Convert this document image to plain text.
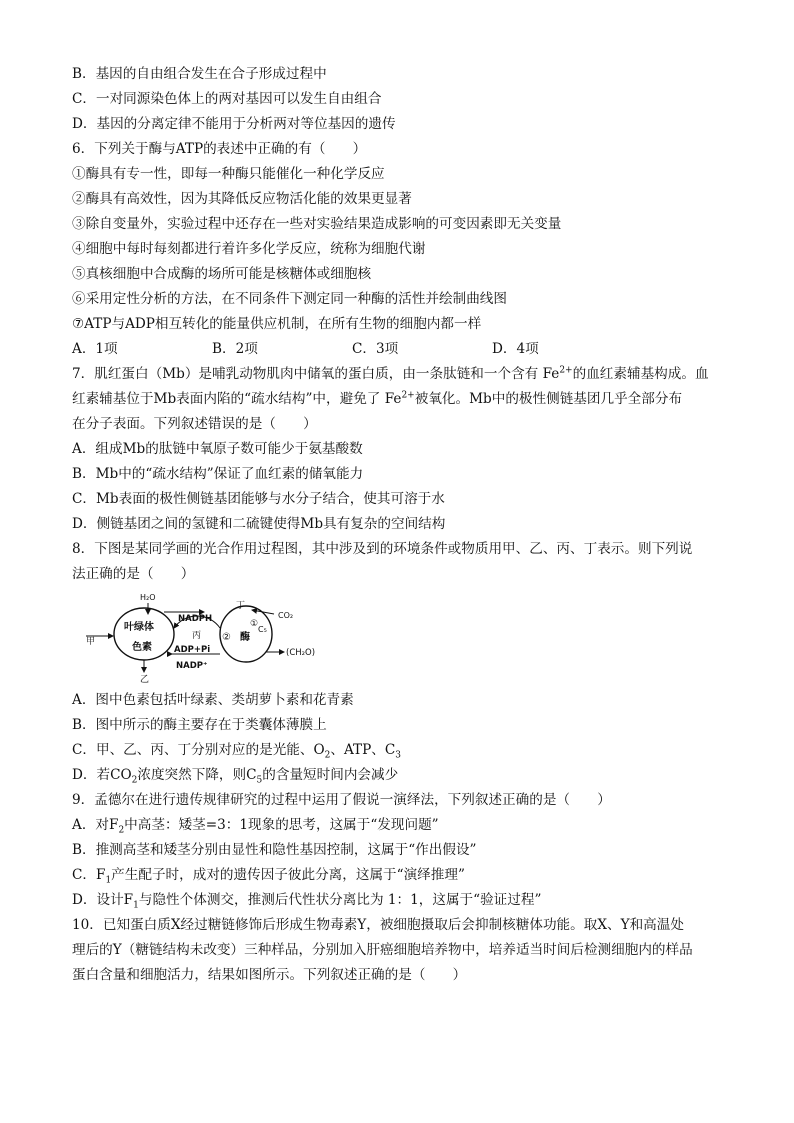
B．基因的自由组合发生在合子形成过程中
C．一对同源染色体上的两对基因可以发生自由组合
D．基因的分离定律不能用于分析两对等位基因的遗传
6．下列关于酶与ATP的表述中正确的有（　　）
①酶具有专一性，即每一种酶只能催化一种化学反应
②酶具有高效性，因为其降低反应物活化能的效果更显著
③除自变量外，实验过程中还存在一些对实验结果造成影响的可变因素即无关变量
④细胞中每时每刻都进行着许多化学反应，统称为细胞代谢
⑤真核细胞中合成酶的场所可能是核糖体或细胞核
⑥采用定性分析的方法，在不同条件下测定同一种酶的活性并绘制曲线图
⑦ATP与ADP相互转化的能量供应机制，在所有生物的细胞内都一样
A．1项	B．2项	C．3项	D．4项
7．肌红蛋白（Mb）是哺乳动物肌肉中储氧的蛋白质，由一条肽链和一个含有 $Fe^{2+}$的血红素辅基构成。血
红素辅基位于Mb表面内陷的“疏水结构”中，避免了 $Fe^{2+}$被氧化。Mb中的极性侧链基团几乎全部分布
在分子表面。下列叙述错误的是（　　）
A．组成Mb的肽链中氧原子数可能少于氨基酸数
B．Mb中的“疏水结构”保证了血红素的储氧能力
C．Mb表面的极性侧链基团能够与水分子结合，使其可溶于水
D．侧链基团之间的氢键和二硫键使得Mb具有复杂的空间结构
8．下图是某同学画的光合作用过程图，其中涉及到的环境条件或物质用甲、乙、丙、丁表示。则下列说
法正确的是（　　）
H₂O
叶绿体
色素
甲
NADPH
丙 ② 酶
①
C₅
丁
CO₂
ADP+Pi
NADP⁺
(CH₂O)
乙
A．图中色素包括叶绿素、类胡萝卜素和花青素
B．图中所示的酶主要存在于类囊体薄膜上
C．甲、乙、丙、丁分别对应的是光能、$O_2$、ATP、$C_3$
D．若$CO_2$浓度突然下降，则$C_5$的含量短时间内会减少
9．孟德尔在进行遗传规律研究的过程中运用了假说一演绎法，下列叙述正确的是（　　）
A．对$F_2$中高茎：矮茎=3：1现象的思考，这属于“发现问题”
B．推测高茎和矮茎分别由显性和隐性基因控制，这属于“作出假设”
C．$F_1$产生配子时，成对的遗传因子彼此分离，这属于“演绎推理”
D．设计$F_1$与隐性个体测交，推测后代性状分离比为 1：1，这属于“验证过程”
10．已知蛋白质X经过糖链修饰后形成生物毒素Y，被细胞摄取后会抑制核糖体功能。取X、Y和高温处
理后的Y（糖链结构未改变）三种样品，分别加入肝癌细胞培养物中，培养适当时间后检测细胞内的样品
蛋白含量和细胞活力，结果如图所示。下列叙述正确的是（　　）
